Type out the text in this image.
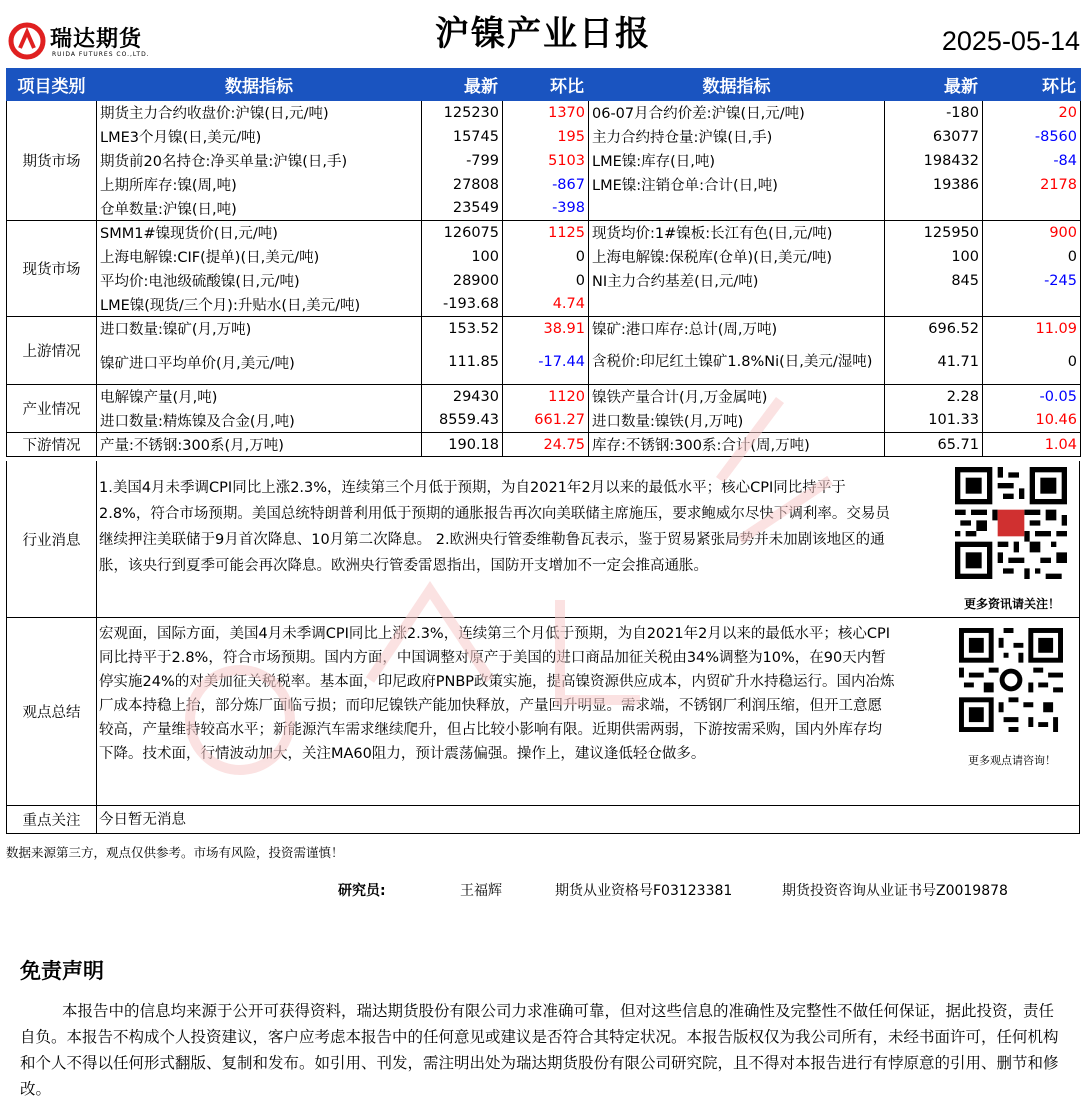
瑞达期货
RUIDA FUTURES CO.,LTD.
沪镍产业日报	2025-05-14
项目类别	数据指标	最新	环比	数据指标	最新	环比
期货市场	期货主力合约收盘价:沪镍(日,元/吨)	125230	1370	06-07月合约价差:沪镍(日,元/吨)	-180	20
	LME3个月镍(日,美元/吨)	15745	195	主力合约持仓量:沪镍(日,手)	63077	-8560
	期货前20名持仓:净买单量:沪镍(日,手)	-799	5103	LME镍:库存(日,吨)	198432	-84
	上期所库存:镍(周,吨)	27808	-867	LME镍:注销仓单:合计(日,吨)	19386	2178
	仓单数量:沪镍(日,吨)	23549	-398			
现货市场	SMM1#镍现货价(日,元/吨)	126075	1125	现货均价:1#镍板:长江有色(日,元/吨)	125950	900
	上海电解镍:CIF(提单)(日,美元/吨)	100	0	上海电解镍:保税库(仓单)(日,美元/吨)	100	0
	平均价:电池级硫酸镍(日,元/吨)	28900	0	NI主力合约基差(日,元/吨)	845	-245
	LME镍(现货/三个月):升贴水(日,美元/吨)	-193.68	4.74			
上游情况	进口数量:镍矿(月,万吨)	153.52	38.91	镍矿:港口库存:总计(周,万吨)	696.52	11.09
	镍矿进口平均单价(月,美元/吨)	111.85	-17.44	含税价:印尼红土镍矿1.8%Ni(日,美元/湿吨)	41.71	0
产业情况	电解镍产量(月,吨)	29430	1120	镍铁产量合计(月,万金属吨)	2.28	-0.05
	进口数量:精炼镍及合金(月,吨)	8559.43	661.27	进口数量:镍铁(月,万吨)	101.33	10.46
下游情况	产量:不锈钢:300系(月,万吨)	190.18	24.75	库存:不锈钢:300系:合计(周,万吨)	65.71	1.04
行业消息
1.美国4月未季调CPI同比上涨2.3%，连续第三个月低于预期，为自2021年2月以来的最低水平；核心CPI同比持平于2.8%，符合市场预期。美国总统特朗普利用低于预期的通胀报告再次向美联储主席施压，要求鲍威尔尽快下调利率。交易员继续押注美联储于9月首次降息、10月第二次降息。 2.欧洲央行管委维勒鲁瓦表示，鉴于贸易紧张局势并未加剧该地区的通胀，该央行到夏季可能会再次降息。欧洲央行管委雷恩指出，国防开支增加不一定会推高通胀。
更多资讯请关注！
观点总结
宏观面，国际方面，美国4月未季调CPI同比上涨2.3%，连续第三个月低于预期，为自2021年2月以来的最低水平；核心CPI同比持平于2.8%，符合市场预期。国内方面，中国调整对原产于美国的进口商品加征关税由34%调整为10%，在90天内暂停实施24%的对美加征关税税率。基本面，印尼政府PNBP政策实施，提高镍资源供应成本，内贸矿升水持稳运行。国内冶炼厂成本持稳上抬，部分炼厂面临亏损；而印尼镍铁产能加快释放，产量回升明显。需求端，不锈钢厂利润压缩，但开工意愿较高，产量维持较高水平；新能源汽车需求继续爬升，但占比较小影响有限。近期供需两弱，下游按需采购，国内外库存均下降。技术面，行情波动加大，关注MA60阻力，预计震荡偏强。操作上，建议逢低轻仓做多。	更多观点请咨询！
重点关注	今日暂无消息
数据来源第三方，观点仅供参考。市场有风险，投资需谨慎！
研究员:	王福辉	期货从业资格号F03123381	期货投资咨询从业证书号Z0019878
免责声明
本报告中的信息均来源于公开可获得资料，瑞达期货股份有限公司力求准确可靠，但对这些信息的准确性及完整性不做任何保证，据此投资，责任自负。本报告不构成个人投资建议，客户应考虑本报告中的任何意见或建议是否符合其特定状况。本报告版权仅为我公司所有，未经书面许可，任何机构和个人不得以任何形式翻版、复制和发布。如引用、刊发，需注明出处为瑞达期货股份有限公司研究院，且不得对本报告进行有悖原意的引用、删节和修改。
